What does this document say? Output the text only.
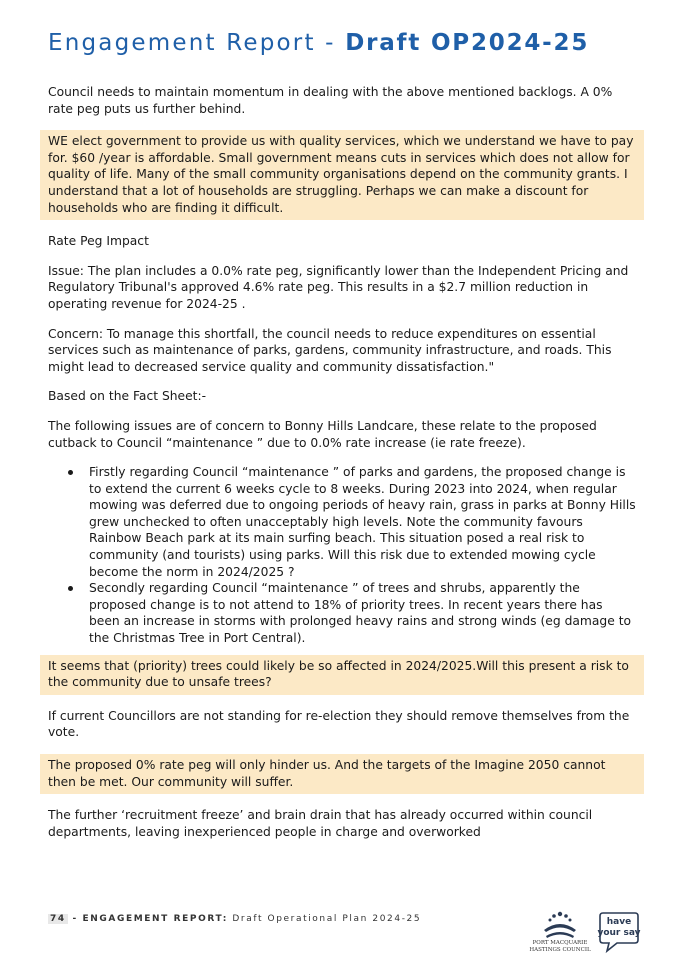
Engagement Report - Draft OP2024-25

Council needs to maintain momentum in dealing with the above mentioned backlogs. A 0% rate peg puts us further behind.

WE elect government to provide us with quality services, which we understand we have to pay for. $60 /year is affordable. Small government means cuts in services which does not allow for quality of life. Many of the small community organisations depend on the community grants. I understand that a lot of households are struggling. Perhaps we can make a discount for households who are finding it difficult.

Rate Peg Impact

Issue: The plan includes a 0.0% rate peg, significantly lower than the Independent Pricing and Regulatory Tribunal's approved 4.6% rate peg. This results in a $2.7 million reduction in operating revenue for 2024-25 .

Concern: To manage this shortfall, the council needs to reduce expenditures on essential services such as maintenance of parks, gardens, community infrastructure, and roads. This might lead to decreased service quality and community dissatisfaction."

Based on the Fact Sheet:-

The following issues are of concern to Bonny Hills Landcare, these relate to the proposed cutback to Council “maintenance ” due to 0.0% rate increase (ie rate freeze).

Firstly regarding Council “maintenance ” of parks and gardens, the proposed change is to extend the current 6 weeks cycle to 8 weeks. During 2023 into 2024, when regular mowing was deferred due to ongoing periods of heavy rain, grass in parks at Bonny Hills grew unchecked to often unacceptably high levels. Note the community favours Rainbow Beach park at its main surfing beach. This situation posed a real risk to community (and tourists) using parks. Will this risk due to extended mowing cycle become the norm in 2024/2025 ?
Secondly regarding Council “maintenance ” of trees and shrubs, apparently the proposed change is to not attend to 18% of priority trees. In recent years there has been an increase in storms with prolonged heavy rains and strong winds (eg damage to the Christmas Tree in Port Central).

It seems that (priority) trees could likely be so affected in 2024/2025.Will this present a risk to the community due to unsafe trees?

If current Councillors are not standing for re-election they should remove themselves from the vote.

The proposed 0% rate peg will only hinder us. And the targets of the Imagine 2050 cannot then be met. Our community will suffer.

The further ‘recruitment freeze’ and brain drain that has already occurred within council departments, leaving inexperienced people in charge and overworked

74 - ENGAGEMENT REPORT: Draft Operational Plan 2024-25
PORT MACQUARIE
HASTINGS COUNCIL
have
your say
